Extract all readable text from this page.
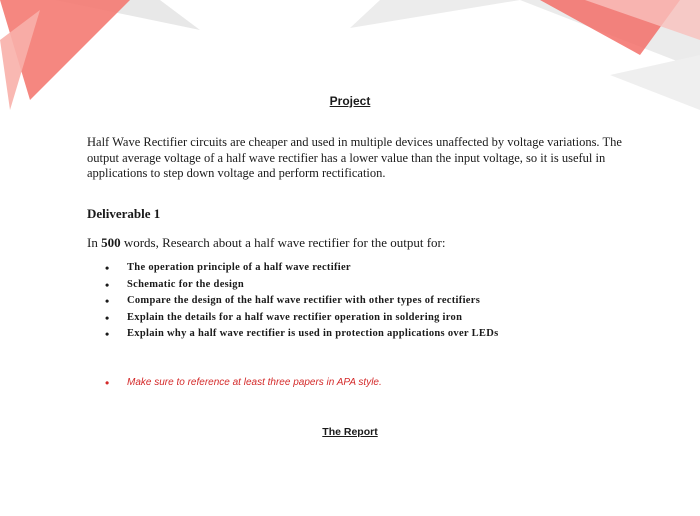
Project

Half Wave Rectifier circuits are cheaper and used in multiple devices unaffected by voltage variations. The output average voltage of a half wave rectifier has a lower value than the input voltage, so it is useful in applications to step down voltage and perform rectification.

Deliverable 1
In 500 words, Research about a half wave rectifier for the output for:
• The operation principle of a half wave rectifier
• Schematic for the design
• Compare the design of the half wave rectifier with other types of rectifiers
• Explain the details for a half wave rectifier operation in soldering iron
• Explain why a half wave rectifier is used in protection applications over LEDs
• Make sure to reference at least three papers in APA style.
The Report
